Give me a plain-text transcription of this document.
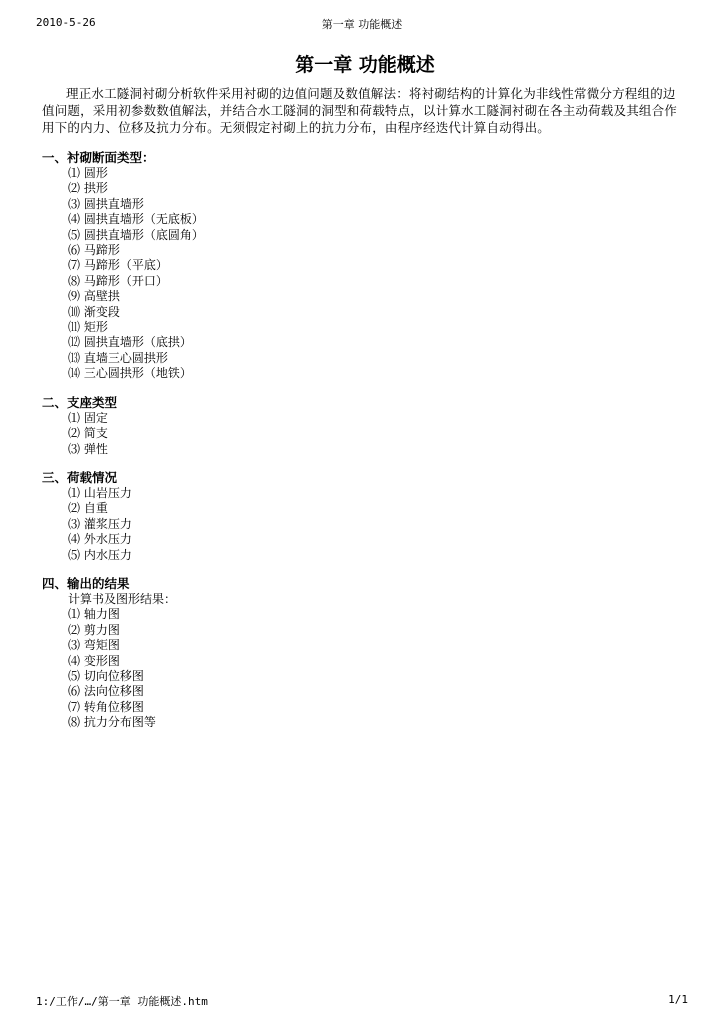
2010-5-26	第一章 功能概述
第一章 功能概述

理正水工隧洞衬砌分析软件采用衬砌的边值问题及数值解法：将衬砌结构的计算化为非线性常微分方程组的边值问题，采用初参数数值解法，并结合水工隧洞的洞型和荷载特点，以计算水工隧洞衬砌在各主动荷载及其组合作用下的内力、位移及抗力分布。无须假定衬砌上的抗力分布，由程序经迭代计算自动得出。

一、衬砌断面类型：
⑴ 圆形
⑵ 拱形
⑶ 圆拱直墙形
⑷ 圆拱直墙形（无底板）
⑸ 圆拱直墙形（底圆角）
⑹ 马蹄形
⑺ 马蹄形（平底）
⑻ 马蹄形（开口）
⑼ 高壁拱
⑽ 渐变段
⑾ 矩形
⑿ 圆拱直墙形（底拱）
⒀ 直墙三心圆拱形
⒁ 三心圆拱形（地铁）
二、支座类型
⑴ 固定
⑵ 简支
⑶ 弹性
三、荷载情况
⑴ 山岩压力
⑵ 自重
⑶ 灌浆压力
⑷ 外水压力
⑸ 内水压力
四、输出的结果
计算书及图形结果：
⑴ 轴力图
⑵ 剪力图
⑶ 弯矩图
⑷ 变形图
⑸ 切向位移图
⑹ 法向位移图
⑺ 转角位移图
⑻ 抗力分布图等
1:/工作/…/第一章 功能概述.htm	1/1
